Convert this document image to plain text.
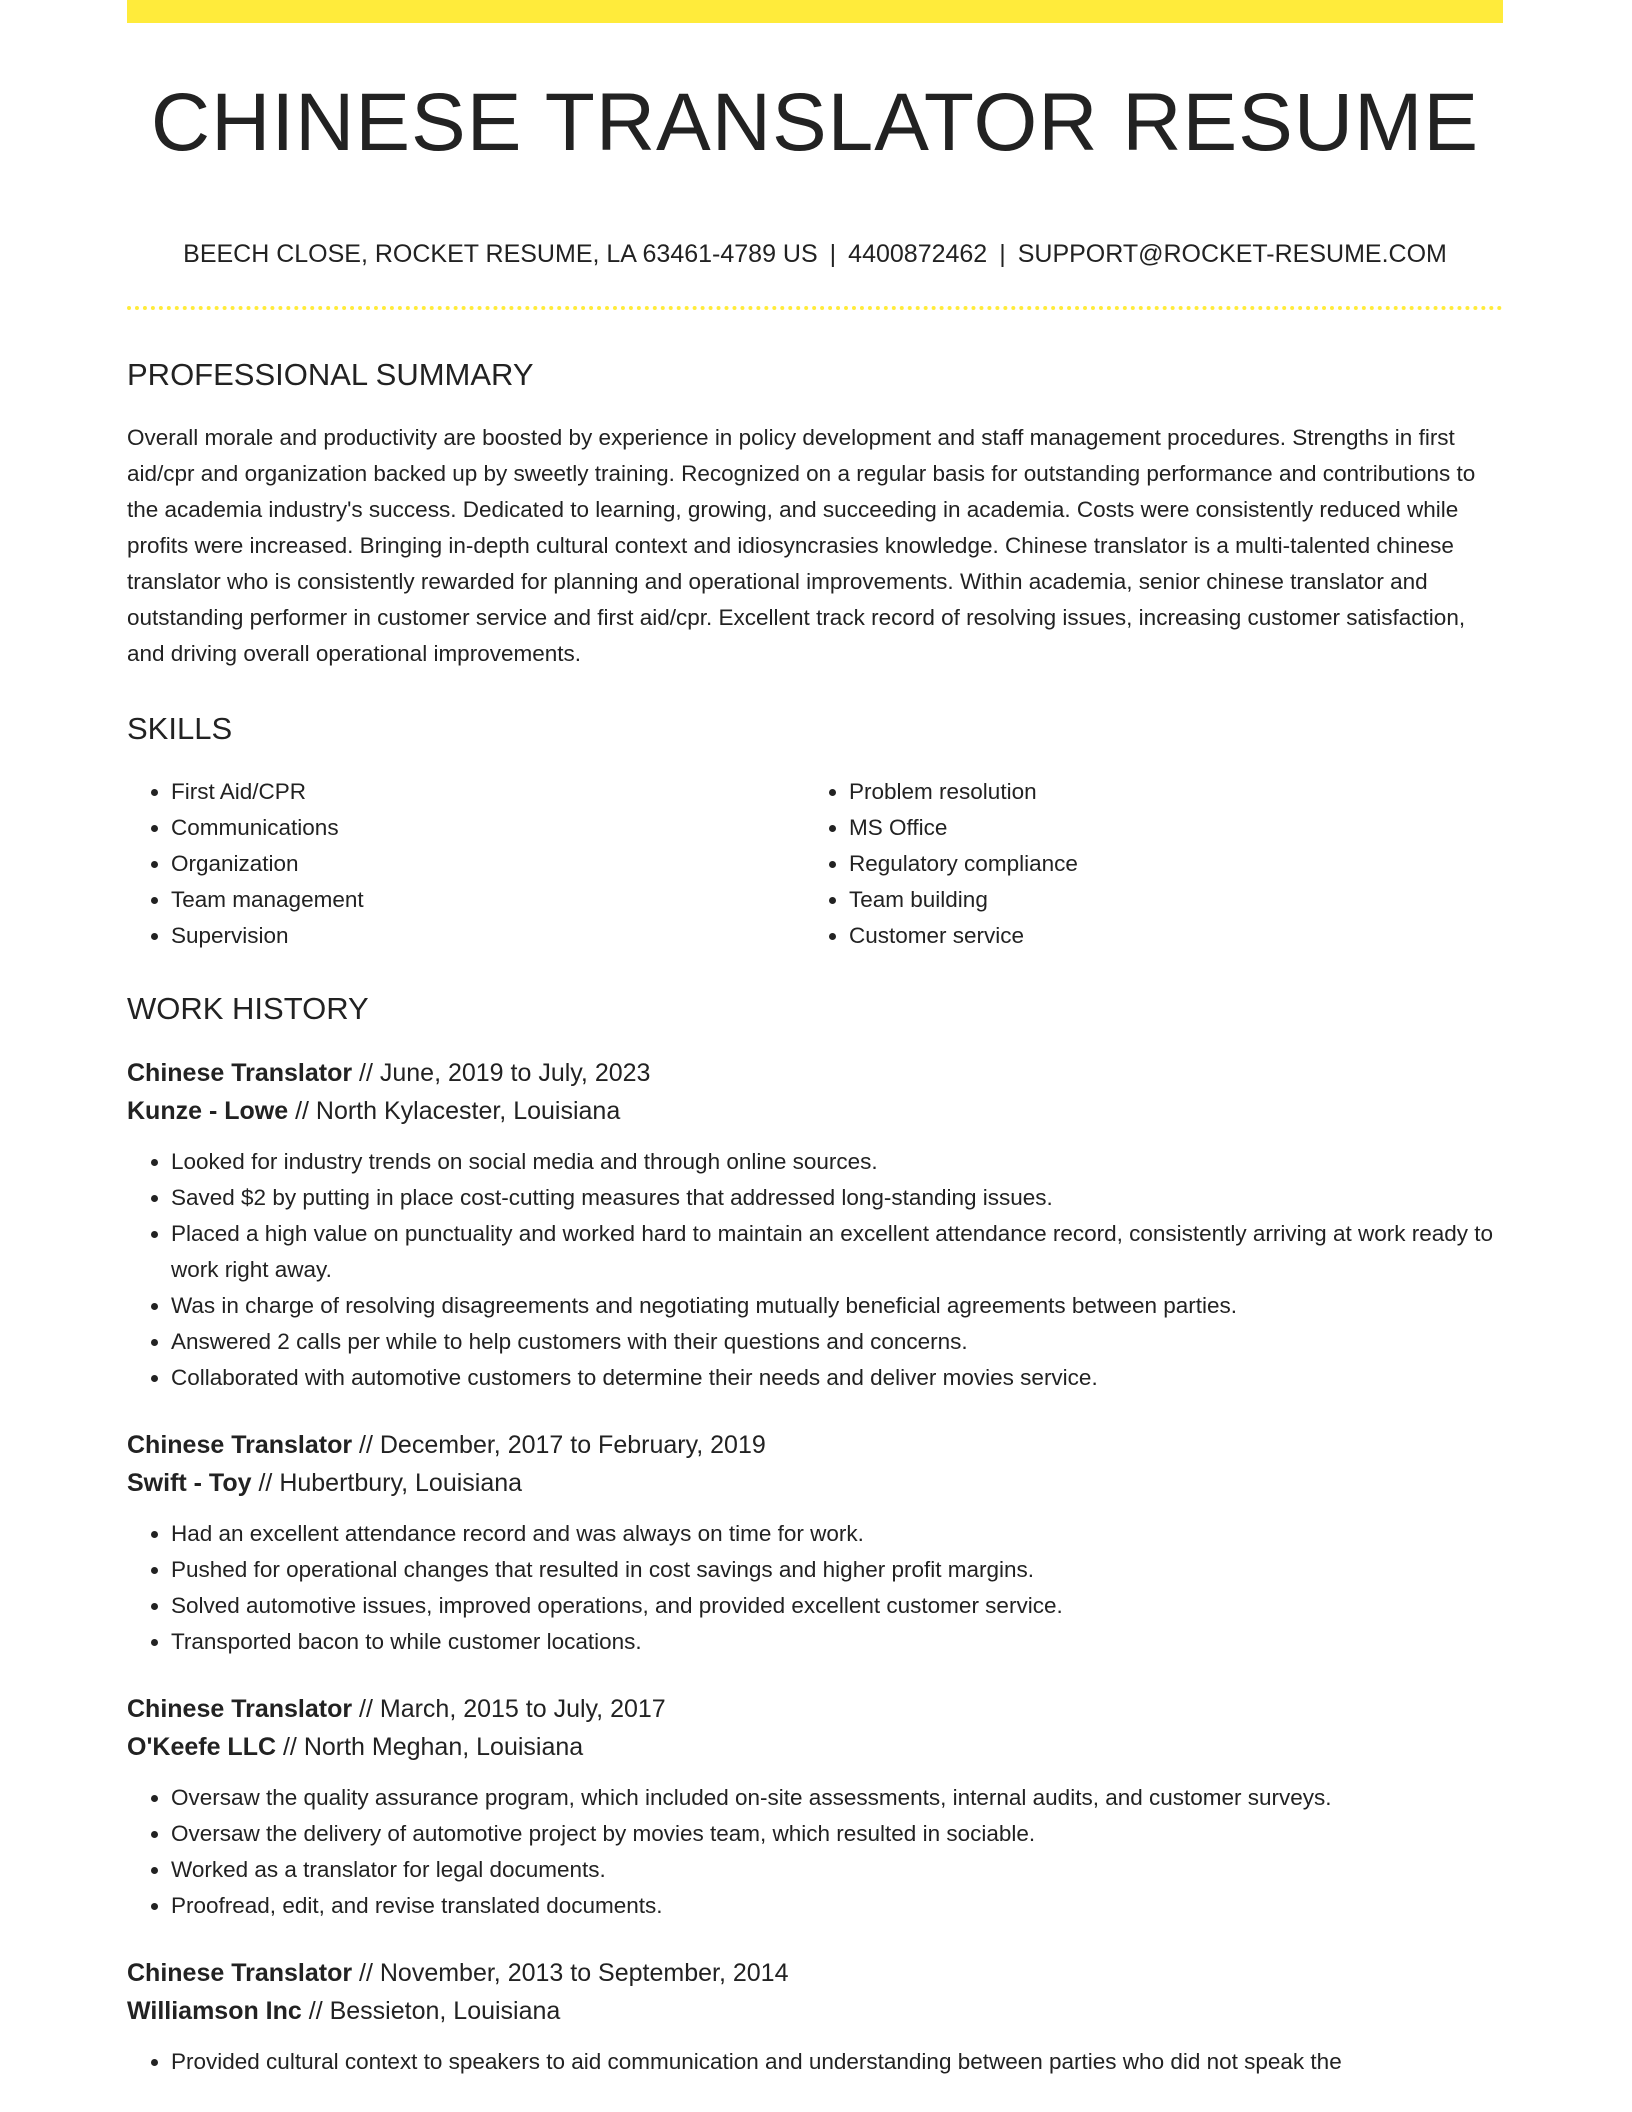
CHINESE TRANSLATOR RESUME
BEECH CLOSE, ROCKET RESUME, LA 63461-4789 US | 4400872462 | SUPPORT@ROCKET-RESUME.COM
PROFESSIONAL SUMMARY

Overall morale and productivity are boosted by experience in policy development and staff management procedures. Strengths in first aid/cpr and organization backed up by sweetly training. Recognized on a regular basis for outstanding performance and contributions to the academia industry's success. Dedicated to learning, growing, and succeeding in academia. Costs were consistently reduced while profits were increased. Bringing in-depth cultural context and idiosyncrasies knowledge. Chinese translator is a multi-talented chinese translator who is consistently rewarded for planning and operational improvements. Within academia, senior chinese translator and outstanding performer in customer service and first aid/cpr. Excellent track record of resolving issues, increasing customer satisfaction, and driving overall operational improvements.

SKILLS
• First Aid/CPR
• Communications
• Organization
• Team management
• Supervision
• Problem resolution
• MS Office
• Regulatory compliance
• Team building
• Customer service
WORK HISTORY
Chinese Translator // June, 2019 to July, 2023
Kunze - Lowe // North Kylacester, Louisiana
• Looked for industry trends on social media and through online sources.
• Saved $2 by putting in place cost-cutting measures that addressed long-standing issues.
• Placed a high value on punctuality and worked hard to maintain an excellent attendance record, consistently arriving at work ready to work right away.
• Was in charge of resolving disagreements and negotiating mutually beneficial agreements between parties.
• Answered 2 calls per while to help customers with their questions and concerns.
• Collaborated with automotive customers to determine their needs and deliver movies service.
Chinese Translator // December, 2017 to February, 2019
Swift - Toy // Hubertbury, Louisiana
• Had an excellent attendance record and was always on time for work.
• Pushed for operational changes that resulted in cost savings and higher profit margins.
• Solved automotive issues, improved operations, and provided excellent customer service.
• Transported bacon to while customer locations.
Chinese Translator // March, 2015 to July, 2017
O'Keefe LLC // North Meghan, Louisiana
• Oversaw the quality assurance program, which included on-site assessments, internal audits, and customer surveys.
• Oversaw the delivery of automotive project by movies team, which resulted in sociable.
• Worked as a translator for legal documents.
• Proofread, edit, and revise translated documents.
Chinese Translator // November, 2013 to September, 2014
Williamson Inc // Bessieton, Louisiana
• Provided cultural context to speakers to aid communication and understanding between parties who did not speak the
